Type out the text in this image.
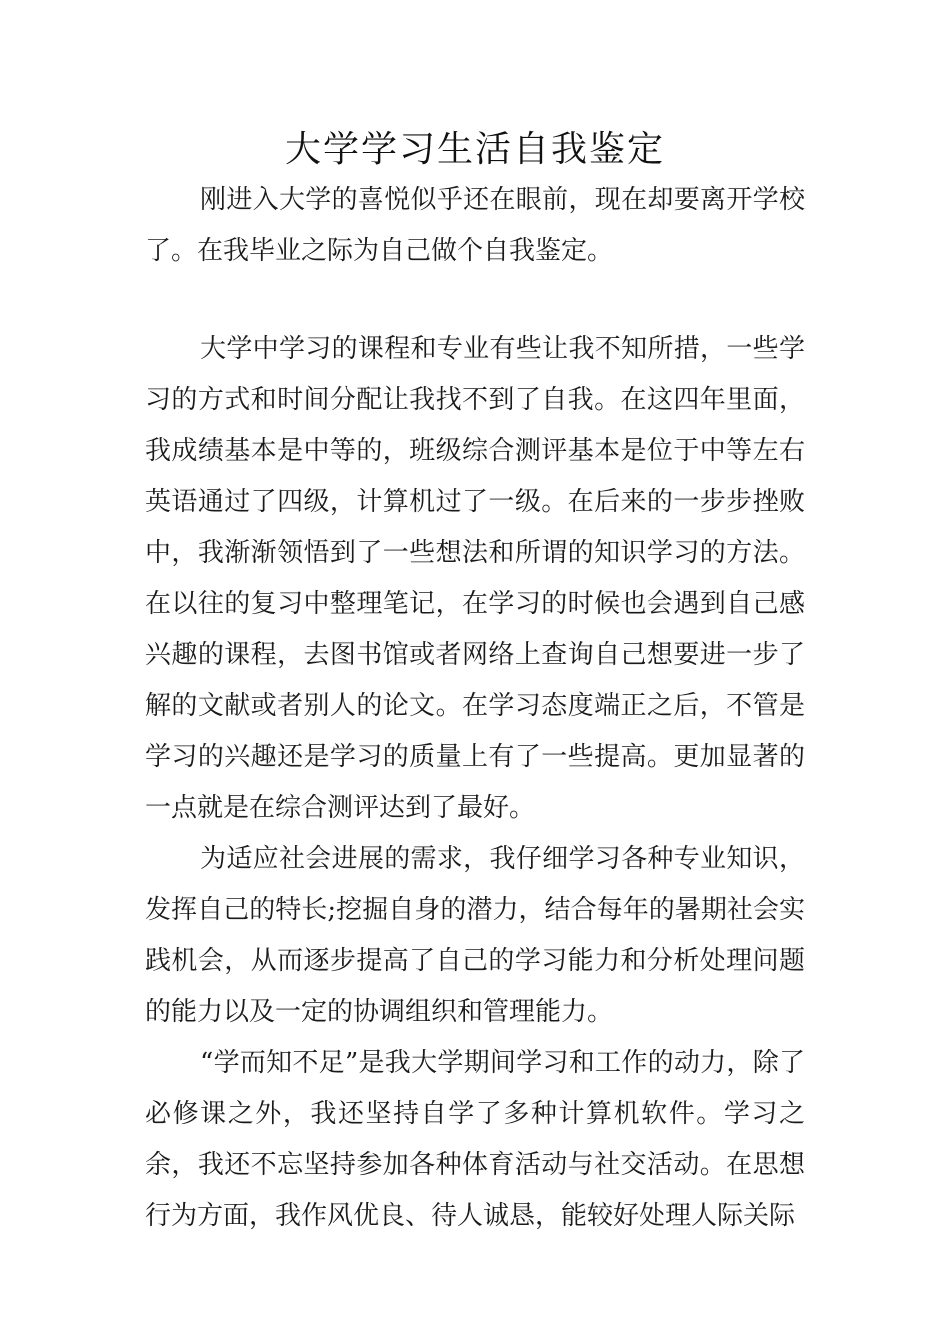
大学学习生活自我鉴定

刚进入大学的喜悦似乎还在眼前，现在却要离开学校了。在我毕业之际为自己做个自我鉴定。

大学中学习的课程和专业有些让我不知所措，一些学习的方式和时间分配让我找不到了自我。在这四年里面，我成绩基本是中等的，班级综合测评基本是位于中等左右英语通过了四级，计算机过了一级。在后来的一步步挫败中，我渐渐领悟到了一些想法和所谓的知识学习的方法。在以往的复习中整理笔记，在学习的时候也会遇到自己感兴趣的课程，去图书馆或者网络上查询自己想要进一步了解的文献或者别人的论文。在学习态度端正之后，不管是学习的兴趣还是学习的质量上有了一些提高。更加显著的一点就是在综合测评达到了最好。

为适应社会进展的需求，我仔细学习各种专业知识，发挥自己的特长;挖掘自身的潜力，结合每年的暑期社会实践机会，从而逐步提高了自己的学习能力和分析处理问题的能力以及一定的协调组织和管理能力。

“学而知不足”是我大学期间学习和工作的动力，除了必修课之外，我还坚持自学了多种计算机软件。学习之余，我还不忘坚持参加各种体育活动与社交活动。在思想行为方面，我作风优良、待人诚恳，能较好处理人际关际
